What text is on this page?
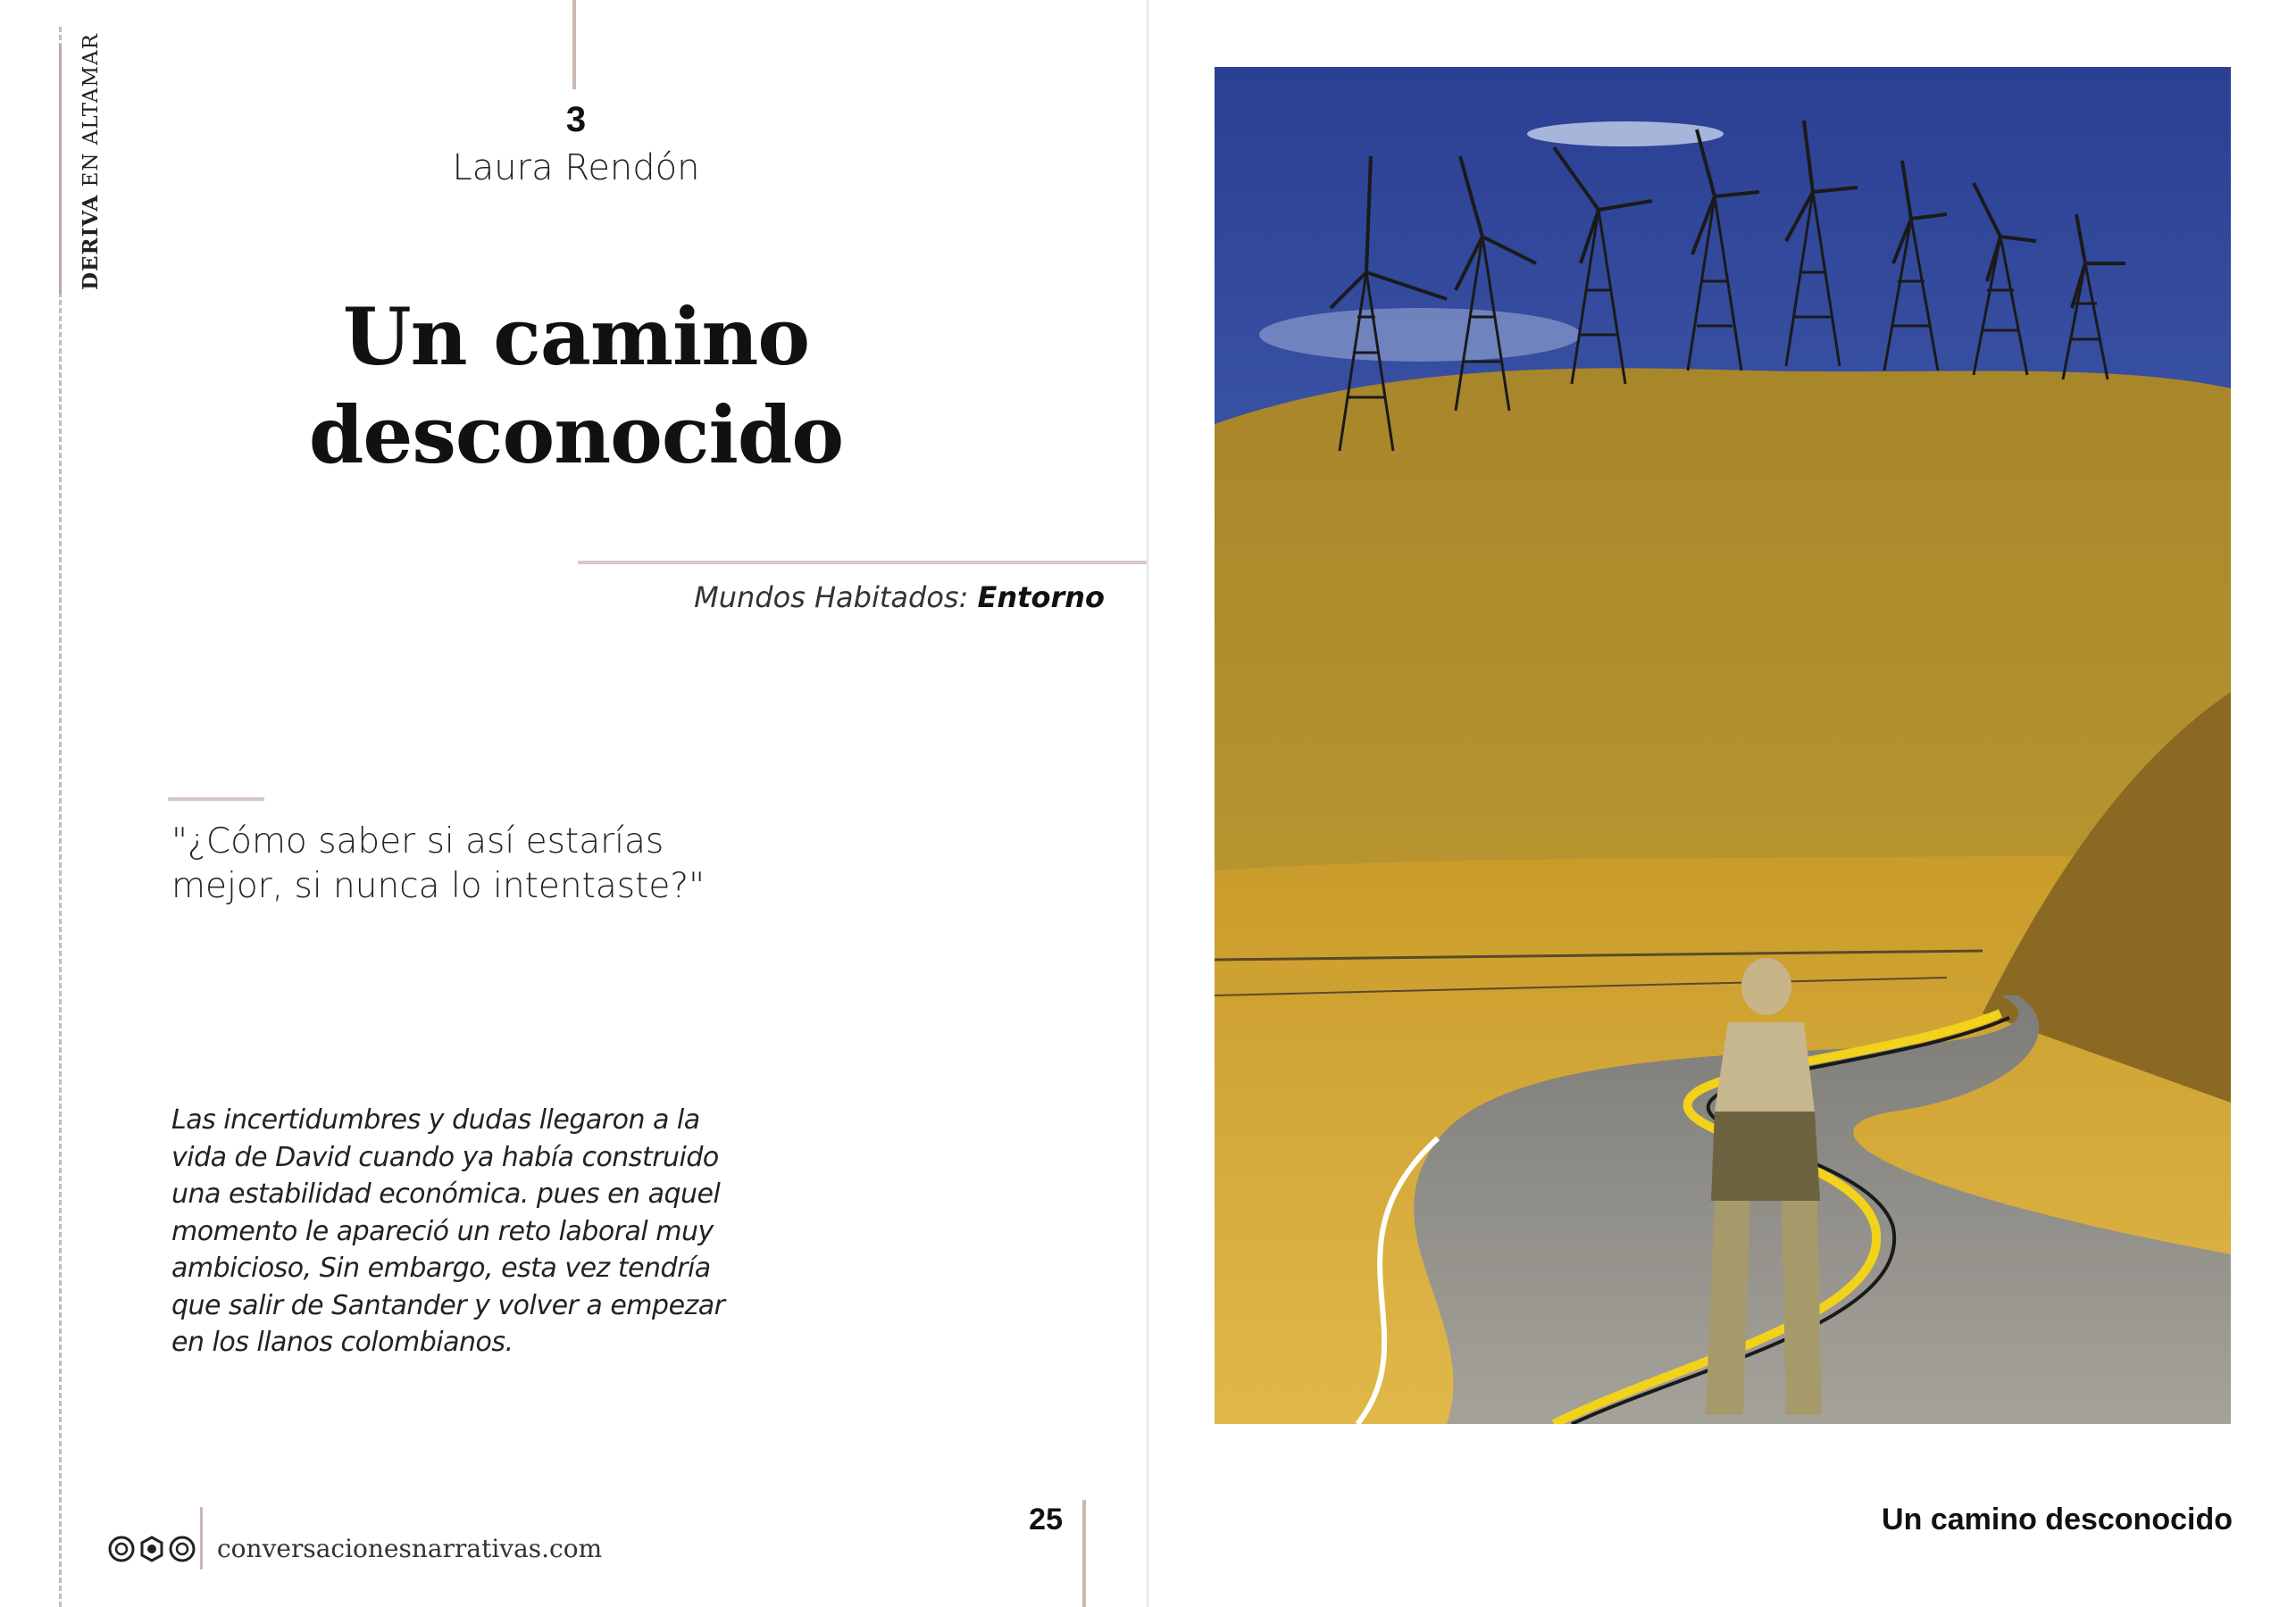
DERIVA EN ALTAMAR	3
Laura Rendón
Un camino
desconocido
Mundos Habitados: Entorno
"¿Cómo saber si así estarías
mejor, si nunca lo intentaste?"
Las incertidumbres y dudas llegaron a la
vida de David cuando ya había construido
una estabilidad económica. pues en aquel
momento le apareció un reto laboral muy
ambicioso, Sin embargo, esta vez tendría
que salir de Santander y volver a empezar
en los llanos colombianos.
conversacionesnarrativas.com
25	Un camino desconocido
